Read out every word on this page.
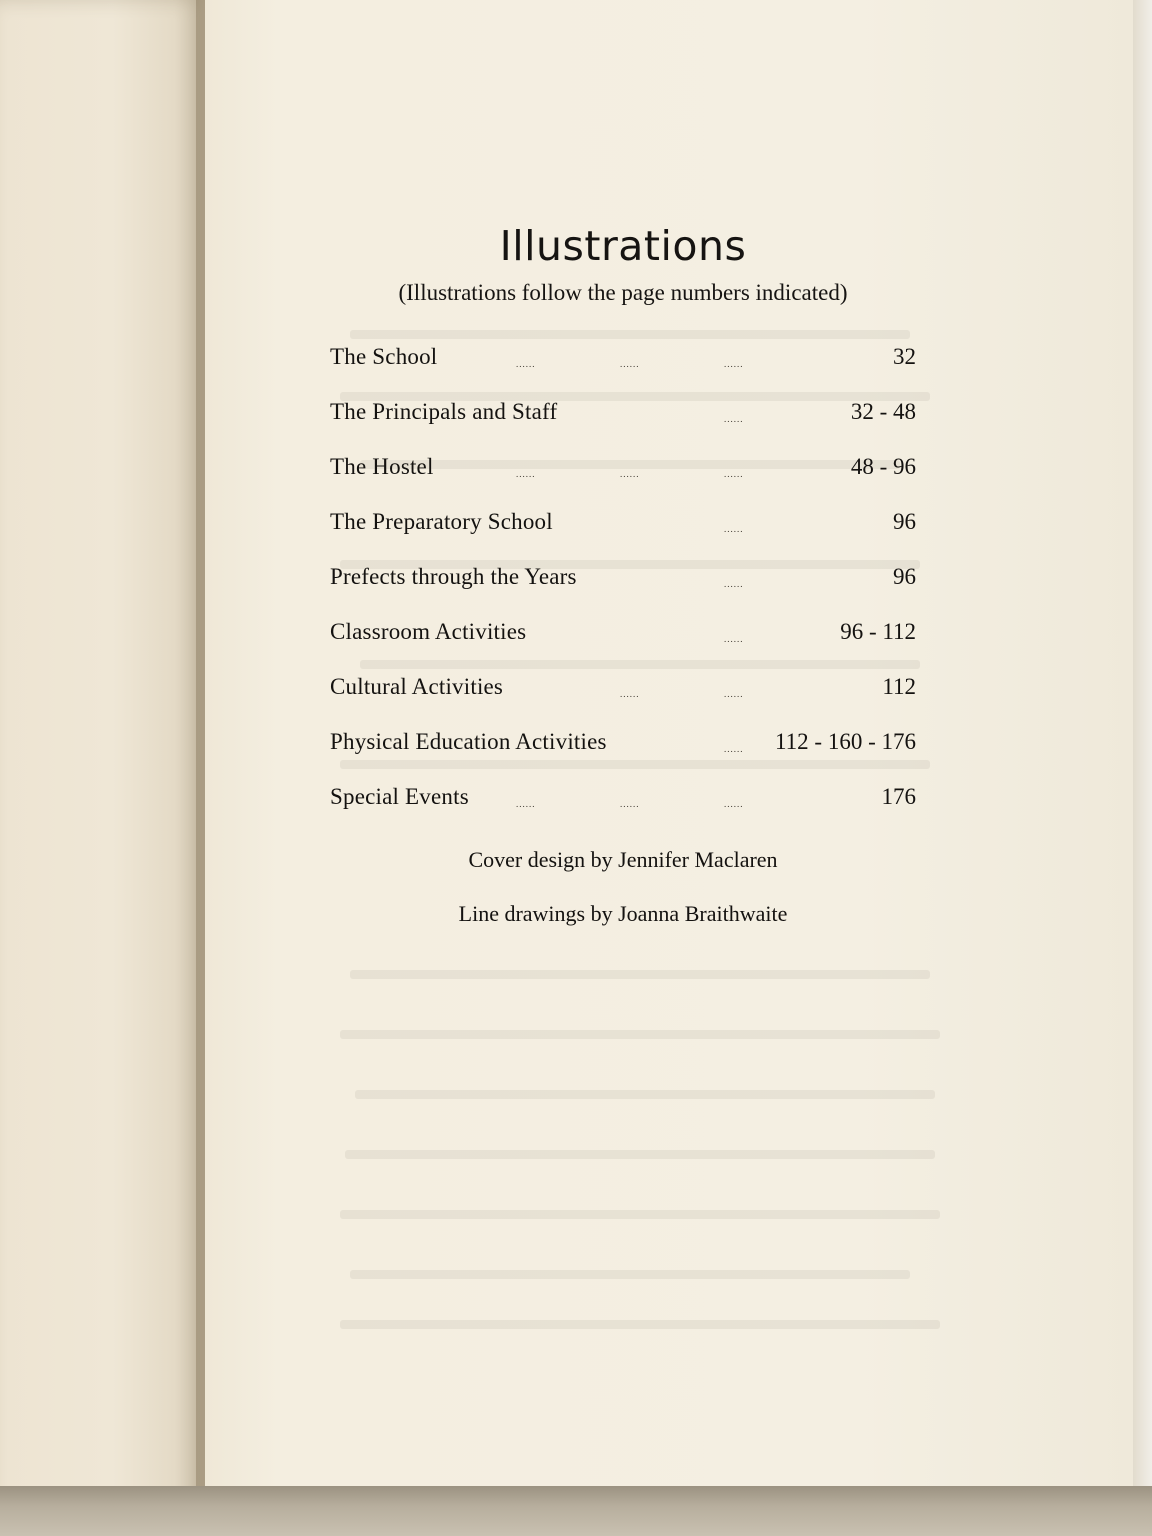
Illustrations
(Illustrations follow the page numbers indicated)
The School	......	......	......	32
The Principals and Staff	......	32 - 48
The Hostel	......	......	......	48 - 96
The Preparatory School	......	96
Prefects through the Years	......	96
Classroom Activities	......	96 - 112
Cultural Activities	......	......	112
Physical Education Activities	...... 112 - 160 - 176
Special Events	......	......	......	176
Cover design by Jennifer Maclaren
Line drawings by Joanna Braithwaite
